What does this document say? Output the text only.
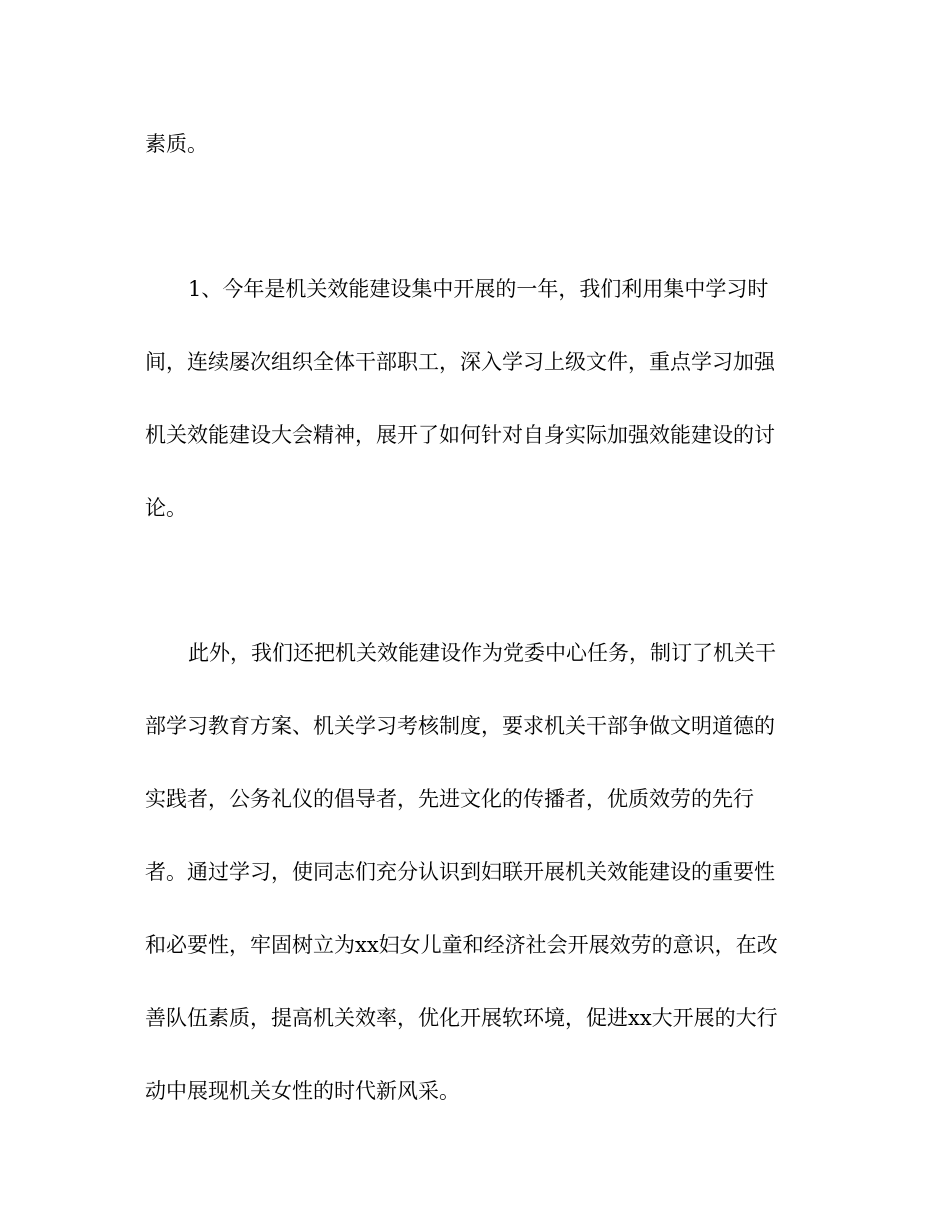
素质。

1、今年是机关效能建设集中开展的一年，我们利用集中学习时

间，连续屡次组织全体干部职工，深入学习上级文件，重点学习加强

机关效能建设大会精神，展开了如何针对自身实际加强效能建设的讨

论。

此外，我们还把机关效能建设作为党委中心任务，制订了机关干

部学习教育方案、机关学习考核制度，要求机关干部争做文明道德的

实践者，公务礼仪的倡导者，先进文化的传播者，优质效劳的先行

者。通过学习，使同志们充分认识到妇联开展机关效能建设的重要性

和必要性，牢固树立为xx妇女儿童和经济社会开展效劳的意识，在改

善队伍素质，提高机关效率，优化开展软环境，促进xx大开展的大行

动中展现机关女性的时代新风采。
